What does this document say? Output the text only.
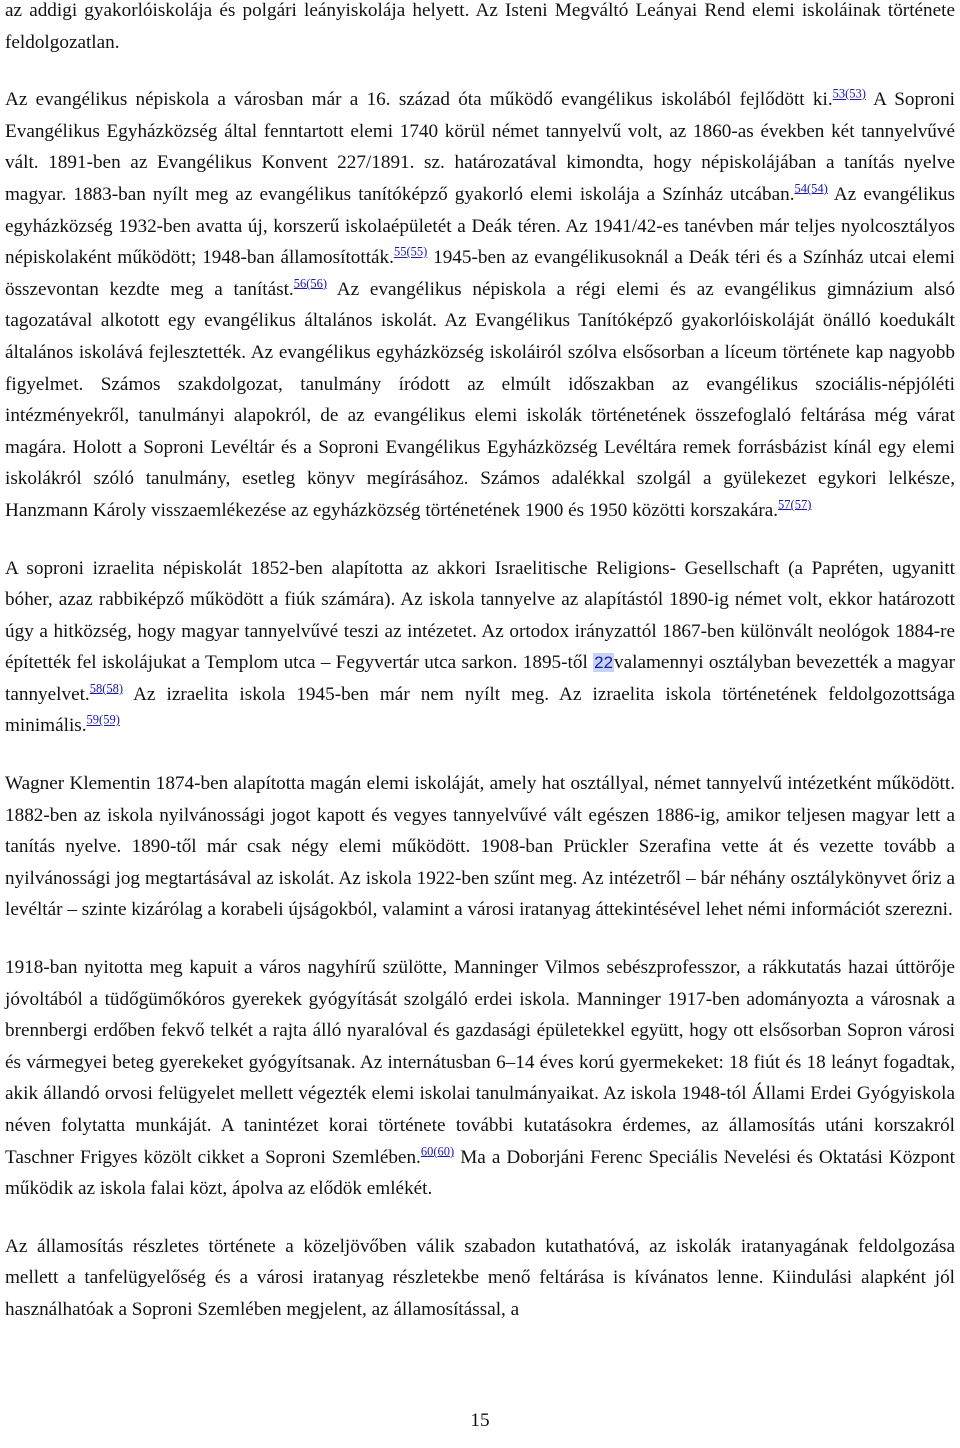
az addigi gyakorlóiskolája és polgári leányiskolája helyett. Az Isteni Megváltó Leányai Rend elemi iskoláinak története feldolgozatlan.

Az evangélikus népiskola a városban már a 16. század óta működő evangélikus iskolából fejlődött ki.$^{53(53)}$ A Soproni Evangélikus Egyházközség által fenntartott elemi 1740 körül német tannyelvű volt, az 1860-as években két tannyelvűvé vált. 1891-ben az Evangélikus Konvent 227/1891. sz. határozatával kimondta, hogy népiskolájában a tanítás nyelve magyar. 1883-ban nyílt meg az evangélikus tanítóképző gyakorló elemi iskolája a Színház utcában.$^{54(54)}$ Az evangélikus egyházközség 1932-ben avatta új, korszerű iskolaépületét a Deák téren. Az 1941/42-es tanévben már teljes nyolcosztályos népiskolaként működött; 1948-ban államosították.$^{55(55)}$ 1945-ben az evangélikusoknál a Deák téri és a Színház utcai elemi összevontan kezdte meg a tanítást.$^{56(56)}$ Az evangélikus népiskola a régi elemi és az evangélikus gimnázium alsó tagozatával alkotott egy evangélikus általános iskolát. Az Evangélikus Tanítóképző gyakorlóiskoláját önálló koedukált általános iskolává fejlesztették. Az evangélikus egyházközség iskoláiról szólva elsősorban a líceum története kap nagyobb figyelmet. Számos szakdolgozat, tanulmány íródott az elmúlt időszakban az evangélikus szociális-népjóléti intézményekről, tanulmányi alapokról, de az evangélikus elemi iskolák történetének összefoglaló feltárása még várat magára. Holott a Soproni Levéltár és a Soproni Evangélikus Egyházközség Levéltára remek forrásbázist kínál egy elemi iskolákról szóló tanulmány, esetleg könyv megírásához. Számos adalékkal szolgál a gyülekezet egykori lelkésze, Hanzmann Károly visszaemlékezése az egyházközség történetének 1900 és 1950 közötti korszakára.$^{57(57)}$

A soproni izraelita népiskolát 1852-ben alapította az akkori Israelitische Religions- Gesellschaft (a Papréten, ugyanitt bóher, azaz rabbiképző működött a fiúk számára). Az iskola tannyelve az alapítástól 1890-ig német volt, ekkor határozott úgy a hitközség, hogy magyar tannyelvűvé teszi az intézetet. Az ortodox irányzattól 1867-ben különvált neológok 1884-re építették fel iskolájukat a Templom utca – Fegyvertár utca sarkon. 1895-től 22valamennyi osztályban bevezették a magyar tannyelvet.$^{58(58)}$ Az izraelita iskola 1945-ben már nem nyílt meg. Az izraelita iskola történetének feldolgozottsága minimális.$^{59(59)}$

Wagner Klementin 1874-ben alapította magán elemi iskoláját, amely hat osztállyal, német tannyelvű intézetként működött. 1882-ben az iskola nyilvánossági jogot kapott és vegyes tannyelvűvé vált egészen 1886-ig, amikor teljesen magyar lett a tanítás nyelve. 1890-től már csak négy elemi működött. 1908-ban Prückler Szerafina vette át és vezette tovább a nyilvánossági jog megtartásával az iskolát. Az iskola 1922-ben szűnt meg. Az intézetről – bár néhány osztálykönyvet őriz a levéltár – szinte kizárólag a korabeli újságokból, valamint a városi iratanyag áttekintésével lehet némi információt szerezni.

1918-ban nyitotta meg kapuit a város nagyhírű szülötte, Manninger Vilmos sebészprofesszor, a rákkutatás hazai úttörője jóvoltából a tüdőgümőkóros gyerekek gyógyítását szolgáló erdei iskola. Manninger 1917-ben adományozta a városnak a brennbergi erdőben fekvő telkét a rajta álló nyaralóval és gazdasági épületekkel együtt, hogy ott elsősorban Sopron városi és vármegyei beteg gyerekeket gyógyítsanak. Az internátusban 6–14 éves korú gyermekeket: 18 fiút és 18 leányt fogadtak, akik állandó orvosi felügyelet mellett végezték elemi iskolai tanulmányaikat. Az iskola 1948-tól Állami Erdei Gyógyiskola néven folytatta munkáját. A tanintézet korai története további kutatásokra érdemes, az államosítás utáni korszakról Taschner Frigyes közölt cikket a Soproni Szemlében.$^{60(60)}$ Ma a Doborjáni Ferenc Speciális Nevelési és Oktatási Központ működik az iskola falai közt, ápolva az elődök emlékét.

Az államosítás részletes története a közeljövőben válik szabadon kutathatóvá, az iskolák iratanyagának feldolgozása mellett a tanfelügyelőség és a városi iratanyag részletekbe menő feltárása is kívánatos lenne. Kiindulási alapként jól használhatóak a Soproni Szemlében megjelent, az államosítással, a

15
